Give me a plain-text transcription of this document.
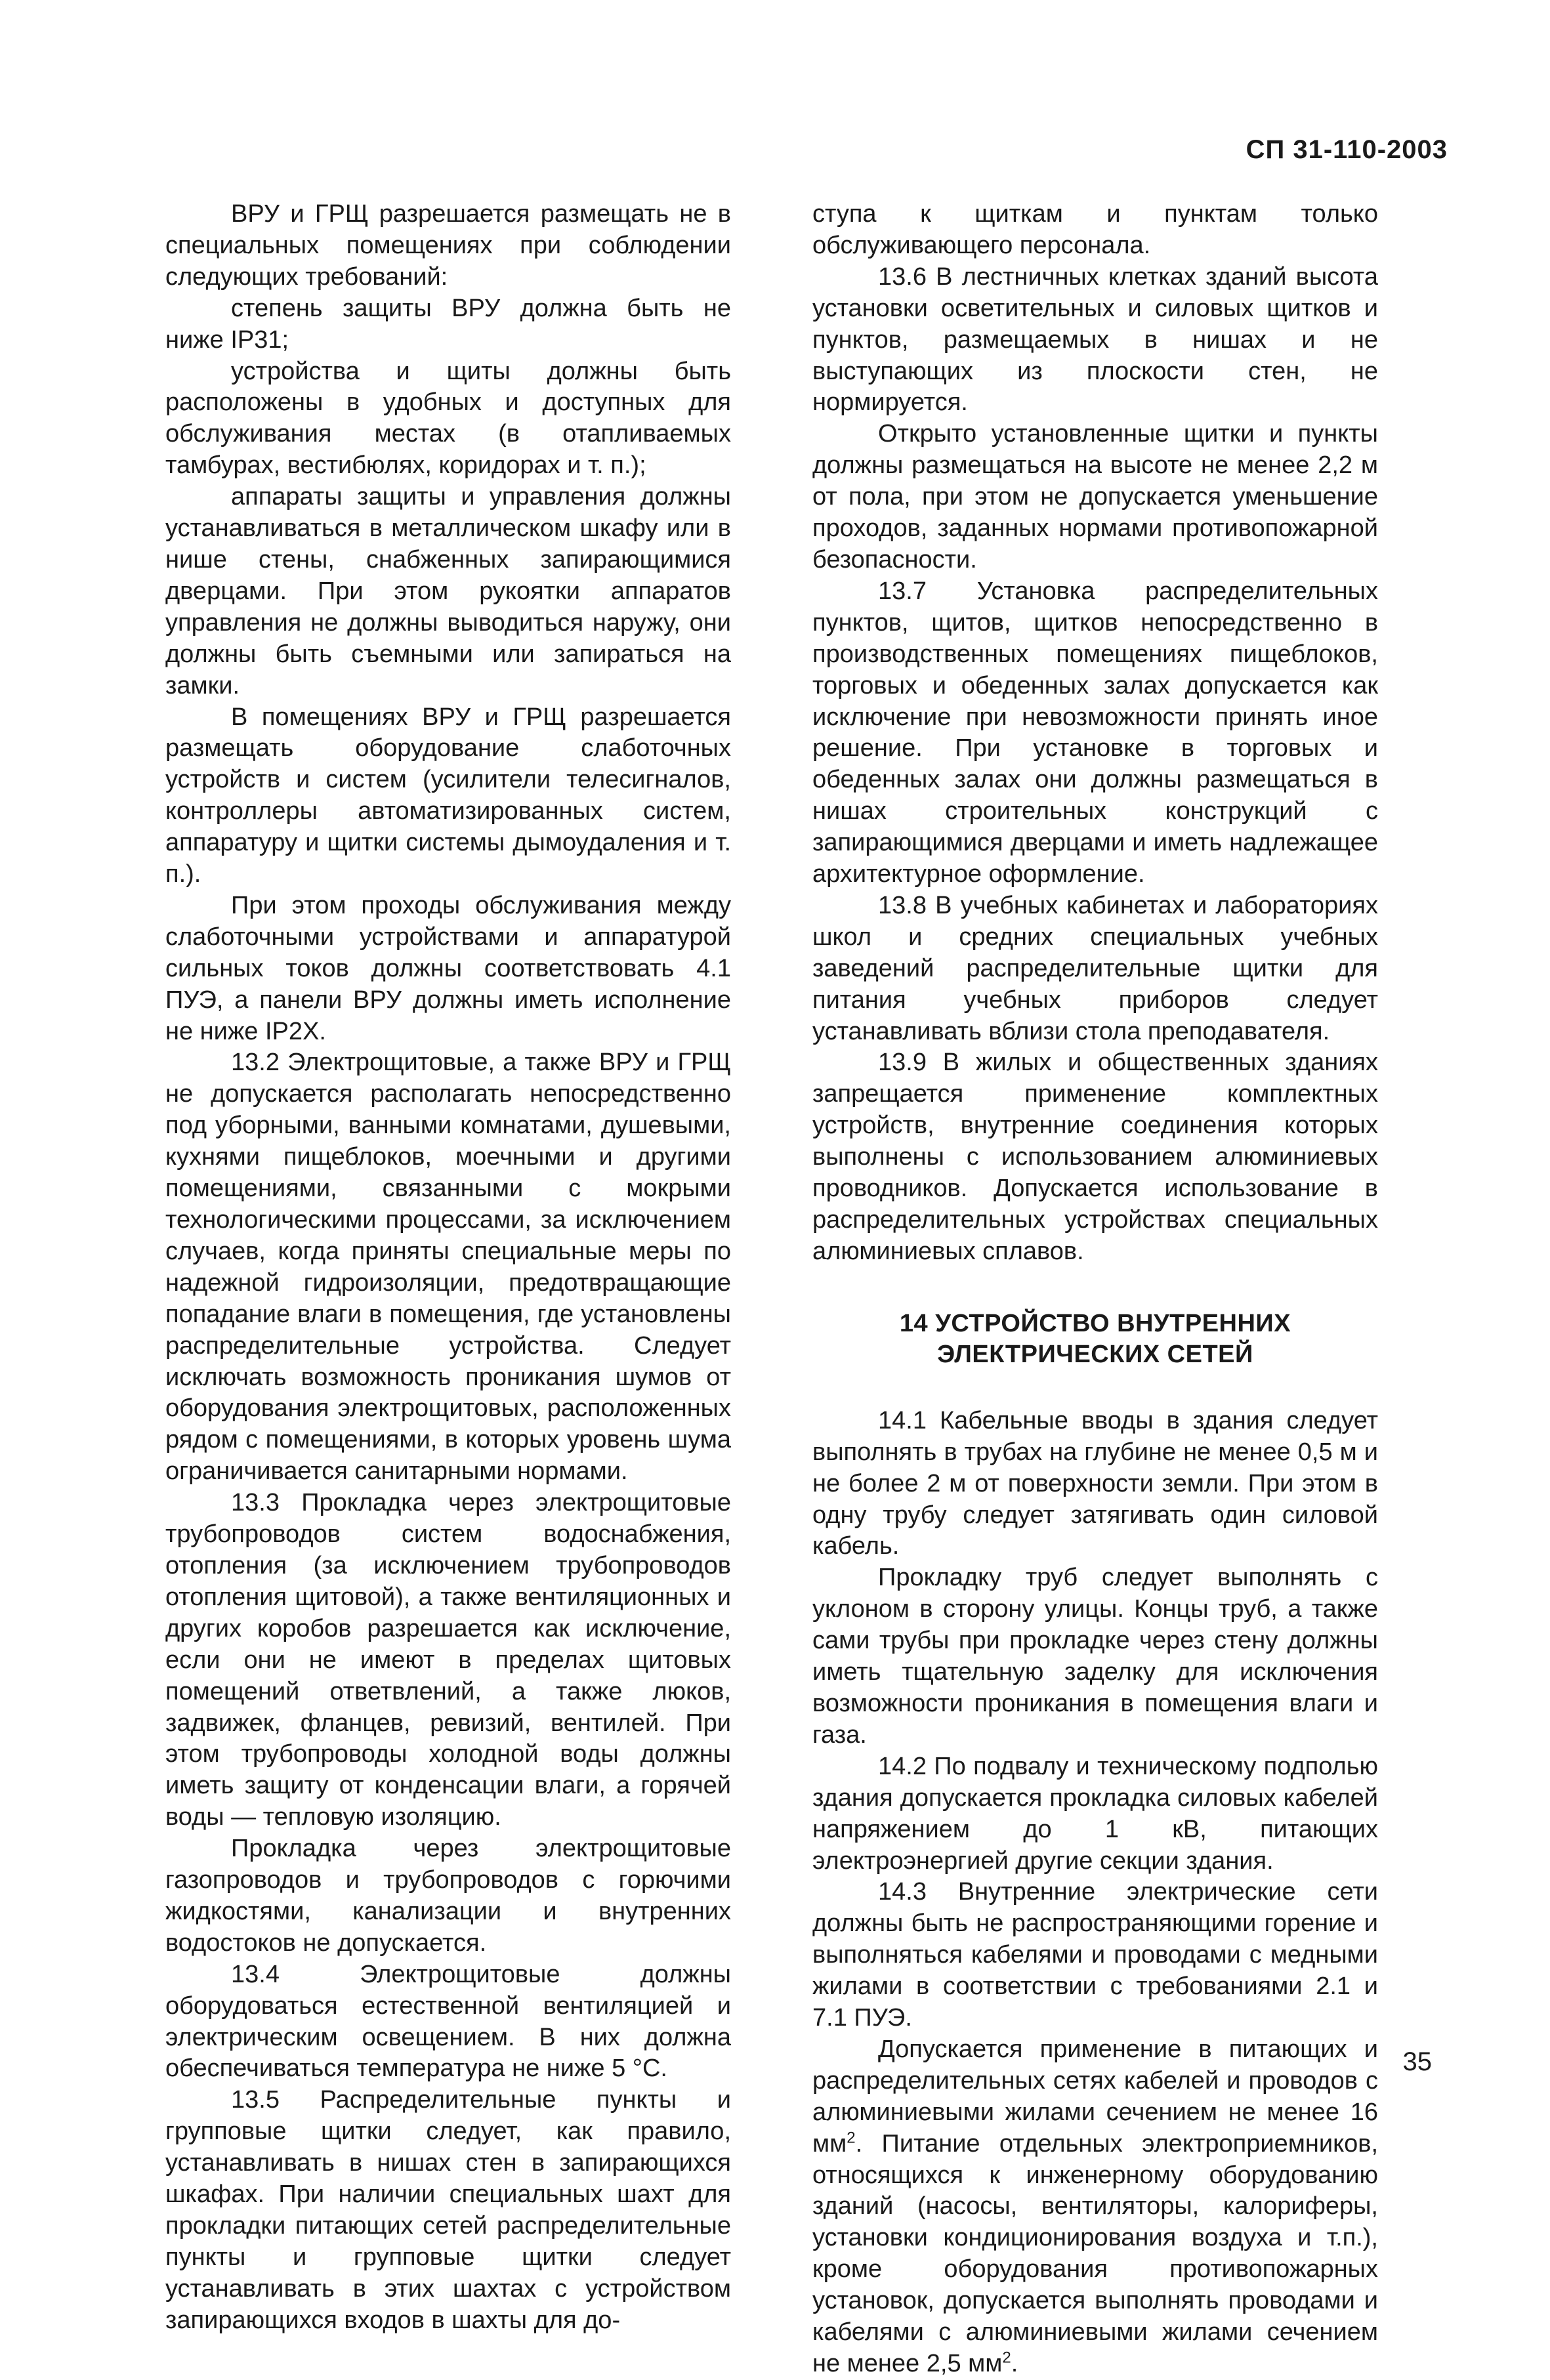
СП 31-110-2003

ВРУ и ГРЩ разрешается размещать не в специальных помещениях при соблюдении следующих требований:

степень защиты ВРУ должна быть не ниже IP31;

устройства и щиты должны быть расположены в удобных и доступных для обслуживания местах (в отапливаемых тамбурах, вестибюлях, коридорах и т. п.);

аппараты защиты и управления должны устанавливаться в металлическом шкафу или в нише стены, снабженных запирающимися дверцами. При этом рукоятки аппаратов управления не должны выводиться наружу, они должны быть съемными или запираться на замки.

В помещениях ВРУ и ГРЩ разрешается размещать оборудование слаботочных устройств и систем (усилители телесигналов, контроллеры автоматизированных систем, аппаратуру и щитки системы дымоудаления и т. п.).

При этом проходы обслуживания между слаботочными устройствами и аппаратурой сильных токов должны соответствовать 4.1 ПУЭ, а панели ВРУ должны иметь исполнение не ниже IP2X.

13.2 Электрощитовые, а также ВРУ и ГРЩ не допускается располагать непосредственно под уборными, ванными комнатами, душевыми, кухнями пищеблоков, моечными и другими помещениями, связанными с мокрыми технологическими процессами, за исключением случаев, когда приняты специальные меры по надежной гидроизоляции, предотвращающие попадание влаги в помещения, где установлены распределительные устройства. Следует исключать возможность проникания шумов от оборудования электрощитовых, расположенных рядом с помещениями, в которых уровень шума ограничивается санитарными нормами.

13.3 Прокладка через электрощитовые трубопроводов систем водоснабжения, отопления (за исключением трубопроводов отопления щитовой), а также вентиляционных и других коробов разрешается как исключение, если они не имеют в пределах щитовых помещений ответвлений, а также люков, задвижек, фланцев, ревизий, вентилей. При этом трубопроводы холодной воды должны иметь защиту от конденсации влаги, а горячей воды — тепловую изоляцию.

Прокладка через электрощитовые газопроводов и трубопроводов с горючими жидкостями, канализации и внутренних водостоков не допускается.

13.4 Электрощитовые должны оборудоваться естественной вентиляцией и электрическим освещением. В них должна обеспечиваться температура не ниже 5 °С.

13.5 Распределительные пункты и групповые щитки следует, как правило, устанавливать в нишах стен в запирающихся шкафах. При наличии специальных шахт для прокладки питающих сетей распределительные пункты и групповые щитки следует устанавливать в этих шахтах с устройством запирающихся входов в шахты для до-

ступа к щиткам и пунктам только обслуживающего персонала.

13.6 В лестничных клетках зданий высота установки осветительных и силовых щитков и пунктов, размещаемых в нишах и не выступающих из плоскости стен, не нормируется.

Открыто установленные щитки и пункты должны размещаться на высоте не менее 2,2 м от пола, при этом не допускается уменьшение проходов, заданных нормами противопожарной безопасности.

13.7 Установка распределительных пунктов, щитов, щитков непосредственно в производственных помещениях пищеблоков, торговых и обеденных залах допускается как исключение при невозможности принять иное решение. При установке в торговых и обеденных залах они должны размещаться в нишах строительных конструкций с запирающимися дверцами и иметь надлежащее архитектурное оформление.

13.8 В учебных кабинетах и лабораториях школ и средних специальных учебных заведений распределительные щитки для питания учебных приборов следует устанавливать вблизи стола преподавателя.

13.9 В жилых и общественных зданиях запрещается применение комплектных устройств, внутренние соединения которых выполнены с использованием алюминиевых проводников. Допускается использование в распределительных устройствах специальных алюминиевых сплавов.

14 УСТРОЙСТВО ВНУТРЕННИХ
ЭЛЕКТРИЧЕСКИХ СЕТЕЙ

14.1 Кабельные вводы в здания следует выполнять в трубах на глубине не менее 0,5 м и не более 2 м от поверхности земли. При этом в одну трубу следует затягивать один силовой кабель.

Прокладку труб следует выполнять с уклоном в сторону улицы. Концы труб, а также сами трубы при прокладке через стену должны иметь тщательную заделку для исключения возможности проникания в помещения влаги и газа.

14.2 По подвалу и техническому подполью здания допускается прокладка силовых кабелей напряжением до 1 кВ, питающих электроэнергией другие секции здания.

14.3 Внутренние электрические сети должны быть не распространяющими горение и выполняться кабелями и проводами с медными жилами в соответствии с требованиями 2.1 и 7.1 ПУЭ.

Допускается применение в питающих и распределительных сетях кабелей и проводов с алюминиевыми жилами сечением не менее 16 $мм^2$. Питание отдельных электроприемников, относящихся к инженерному оборудованию зданий (насосы, вентиляторы, калориферы, установки кондиционирования воздуха и т.п.), кроме оборудования противопожарных установок, допускается выполнять проводами и кабелями с алюминиевыми жилами сечением не менее 2,5 $мм^2$.

35
